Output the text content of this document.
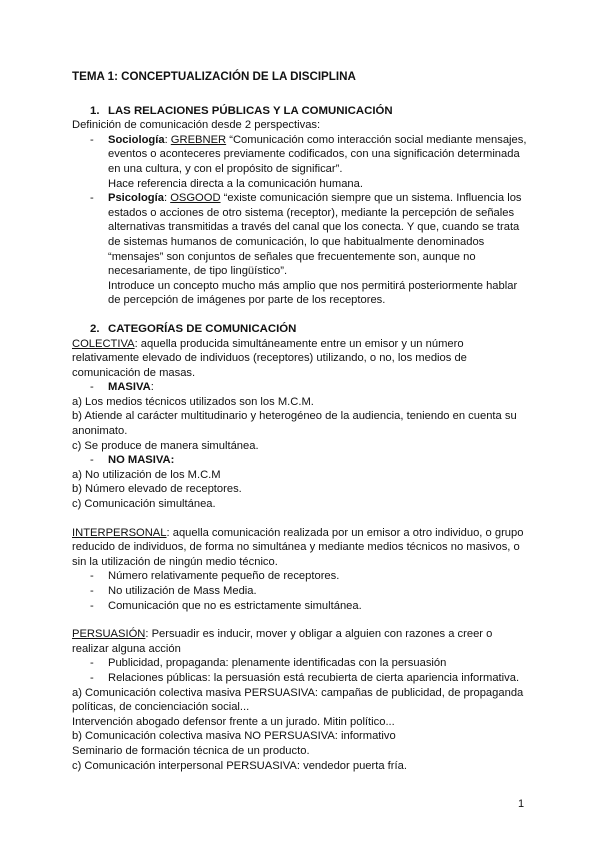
TEMA 1: CONCEPTUALIZACIÓN DE LA DISCIPLINA

1. LAS RELACIONES PÚBLICAS Y LA COMUNICACIÓN

Definición de comunicación desde 2 perspectivas:

-	Sociología: GREBNER “Comunicación como interacción social mediante mensajes, eventos o aconteceres previamente codificados, con una significación determinada en una cultura, y con el propósito de significar”.

Hace referencia directa a la comunicación humana.

-	Psicología: OSGOOD “existe comunicación siempre que un sistema. Influencia los estados o acciones de otro sistema (receptor), mediante la percepción de señales alternativas transmitidas a través del canal que los conecta. Y que, cuando se trata de sistemas humanos de comunicación, lo que habitualmente denominados “mensajes” son conjuntos de señales que frecuentemente son, aunque no necesariamente, de tipo lingüístico”.

Introduce un concepto mucho más amplio que nos permitirá posteriormente hablar de percepción de imágenes por parte de los receptores.

2. CATEGORÍAS DE COMUNICACIÓN

COLECTIVA: aquella producida simultáneamente entre un emisor y un número relativamente elevado de individuos (receptores) utilizando, o no, los medios de comunicación de masas.

-	MASIVA:

a) Los medios técnicos utilizados son los M.C.M.

b) Atiende al carácter multitudinario y heterogéneo de la audiencia, teniendo en cuenta su anonimato.

c) Se produce de manera simultánea.

-	NO MASIVA:

a) No utilización de los M.C.M

b) Número elevado de receptores.

c) Comunicación simultánea.

INTERPERSONAL: aquella comunicación realizada por un emisor a otro individuo, o grupo reducido de individuos, de forma no simultánea y mediante medios técnicos no masivos, o sin la utilización de ningún medio técnico.

-	Número relativamente pequeño de receptores.
-	No utilización de Mass Media.
-	Comunicación que no es estrictamente simultánea.

PERSUASIÓN: Persuadir es inducir, mover y obligar a alguien con razones a creer o realizar alguna acción

-	Publicidad, propaganda: plenamente identificadas con la persuasión
-	Relaciones públicas: la persuasión está recubierta de cierta apariencia informativa.

a) Comunicación colectiva masiva PERSUASIVA: campañas de publicidad, de propaganda políticas, de concienciación social...

Intervención abogado defensor frente a un jurado. Mitin político...

b) Comunicación colectiva masiva NO PERSUASIVA: informativo

Seminario de formación técnica de un producto.

c) Comunicación interpersonal PERSUASIVA: vendedor puerta fría.

1
